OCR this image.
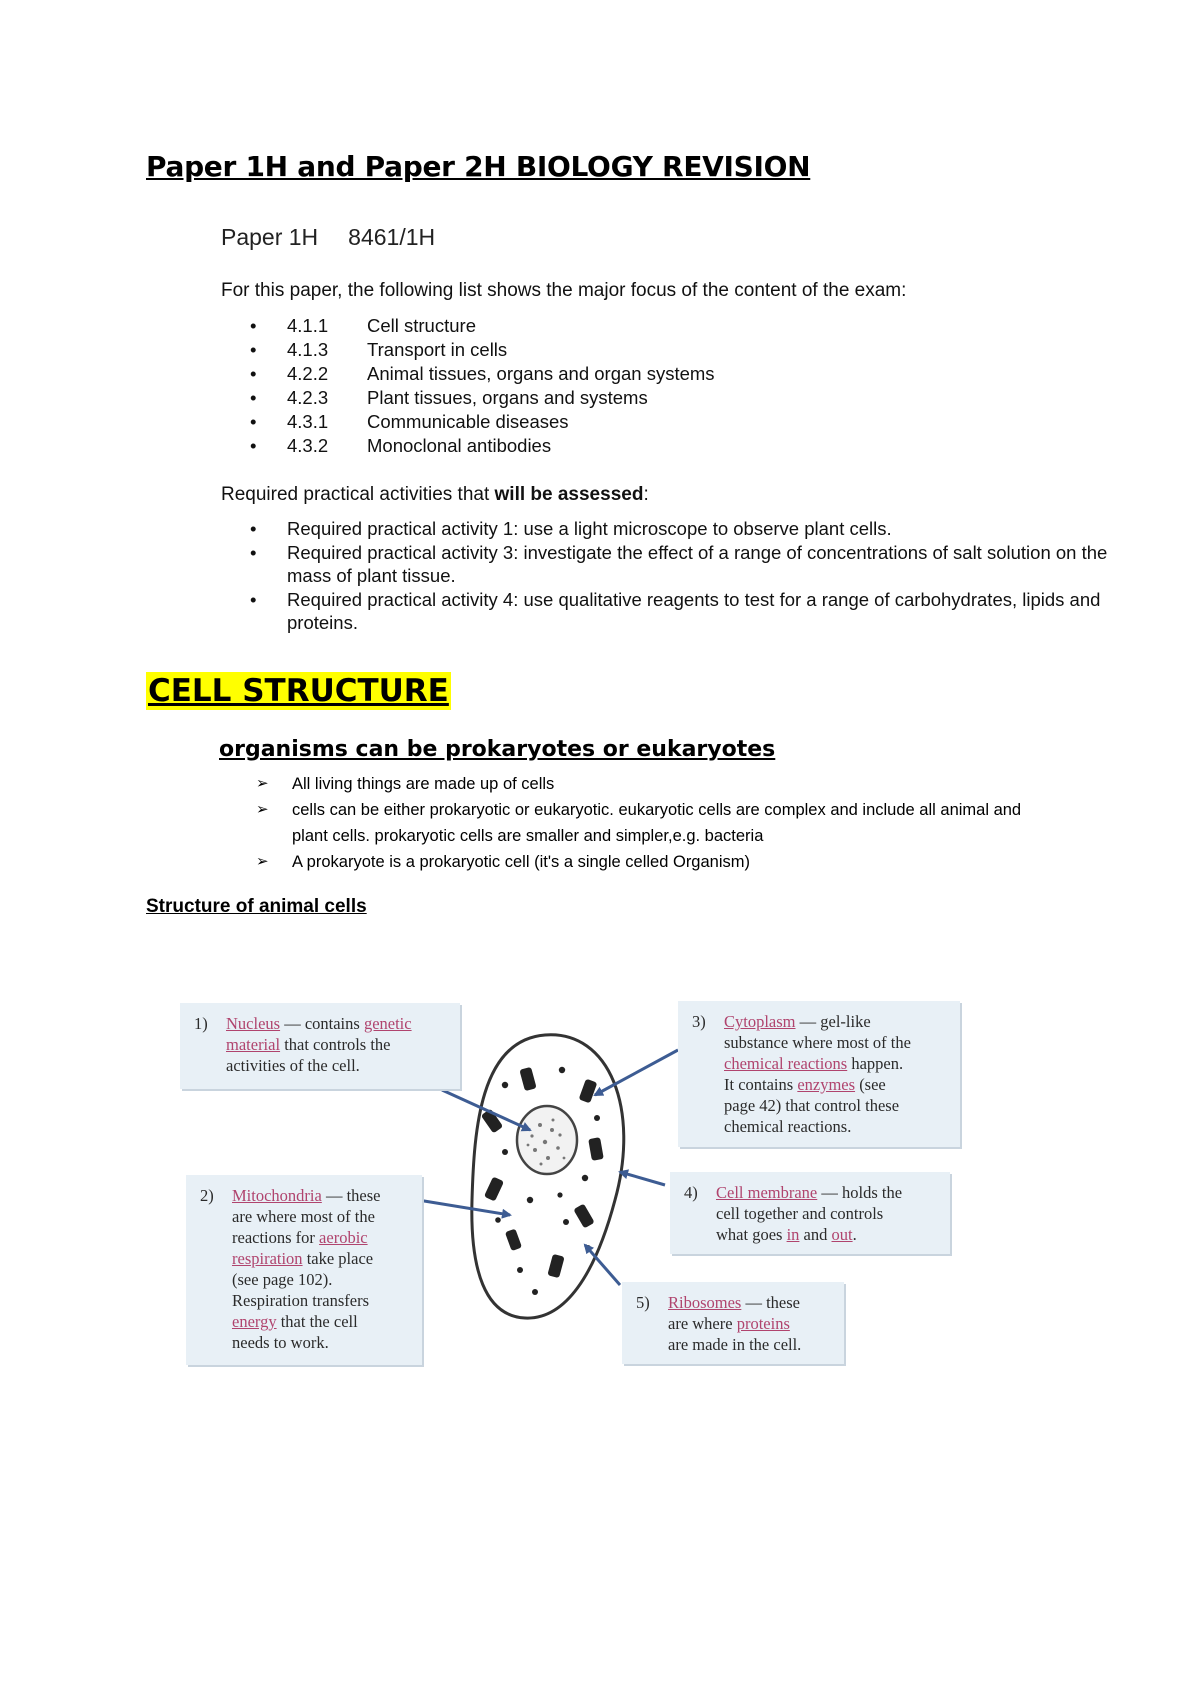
Paper 1H and Paper 2H BIOLOGY REVISION
Paper 1H 8461/1H
For this paper, the following list shows the major focus of the content of the exam:
• 4.1.1 Cell structure
• 4.1.3 Transport in cells
• 4.2.2 Animal tissues, organs and organ systems
• 4.2.3 Plant tissues, organs and systems
• 4.3.1 Communicable diseases
• 4.3.2 Monoclonal antibodies
Required practical activities that will be assessed:
• Required practical activity 1: use a light microscope to observe plant cells.
• Required practical activity 3: investigate the effect of a range of concentrations of salt solution on the mass of plant tissue.
• Required practical activity 4: use qualitative reagents to test for a range of carbohydrates, lipids and proteins.
CELL STRUCTURE
organisms can be prokaryotes or eukaryotes
➢ All living things are made up of cells
➢ cells can be either prokaryotic or eukaryotic. eukaryotic cells are complex and include all animal and plant cells. prokaryotic cells are smaller and simpler,e.g. bacteria
➢ A prokaryote is a prokaryotic cell (it's a single celled Organism)
Structure of animal cells
1) Nucleus — contains genetic
material that controls the
activities of the cell.
2) Mitochondria — these
are where most of the
reactions for aerobic
respiration take place
(see page 102).
Respiration transfers
energy that the cell
needs to work.
3) Cytoplasm — gel-like
substance where most of the
chemical reactions happen.
It contains enzymes (see
page 42) that control these
chemical reactions.
4) Cell membrane — holds the
cell together and controls
what goes in and out.
5) Ribosomes — these
are where proteins
are made in the cell.
